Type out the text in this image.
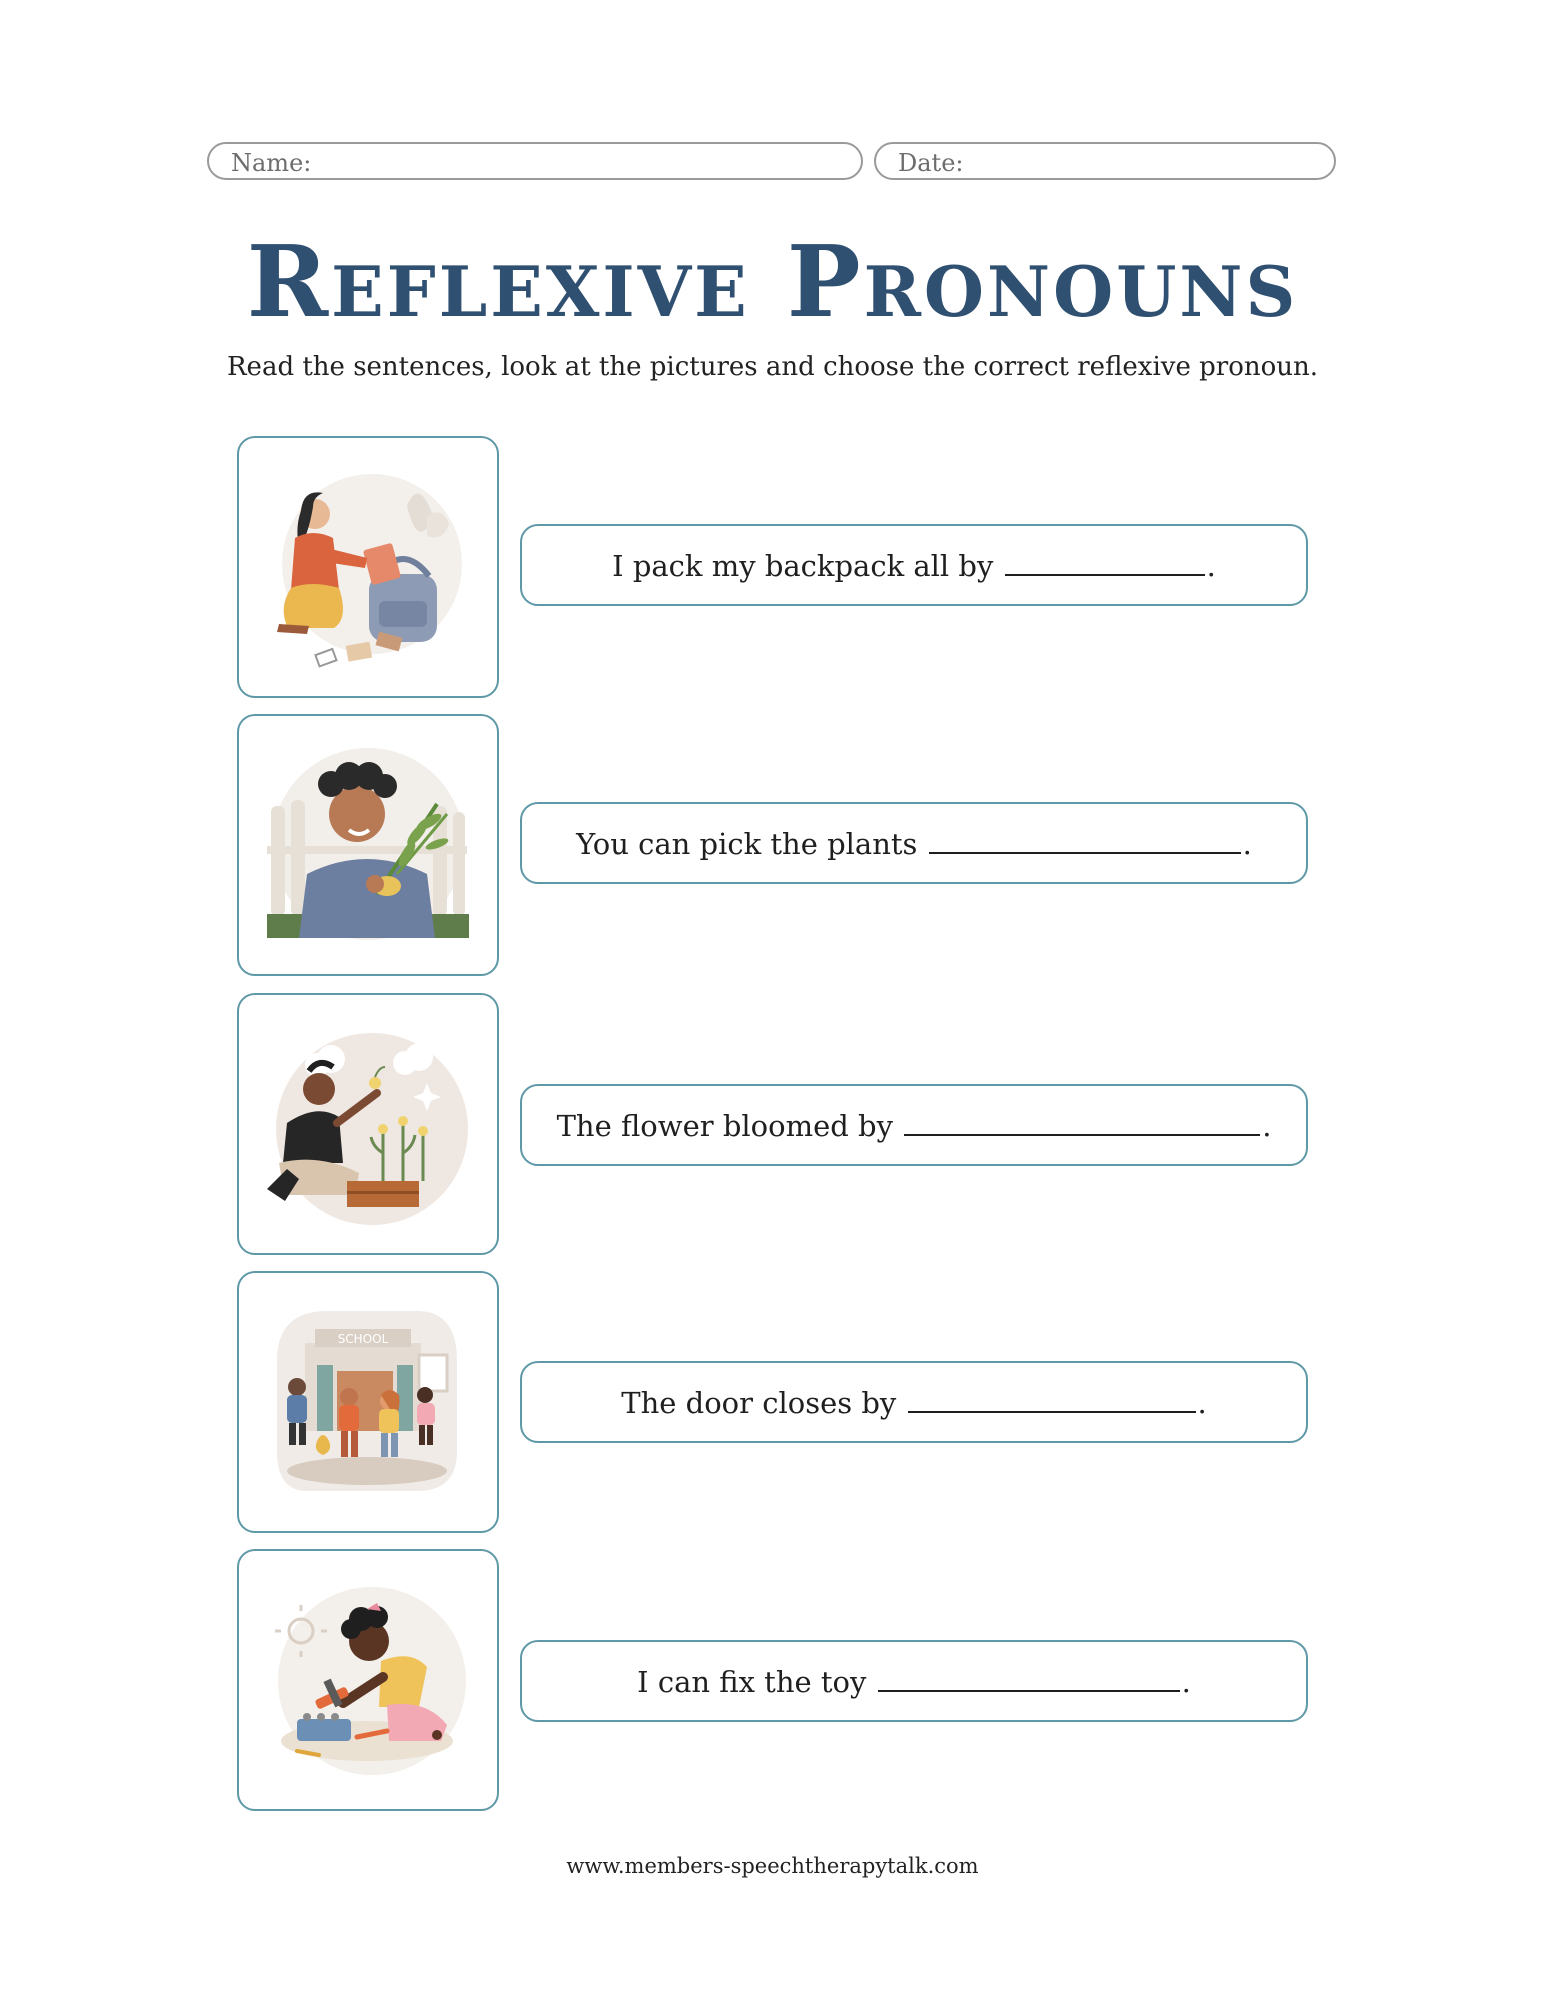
Name:	Date:
Reflexive Pronouns
Read the sentences, look at the pictures and choose the correct reflexive pronoun.
I pack my backpack all by	.
You can pick the plants	.
The flower bloomed by	.
SCHOOL
The door closes by	.
I can fix the toy	.
www.members-speechtherapytalk.com
